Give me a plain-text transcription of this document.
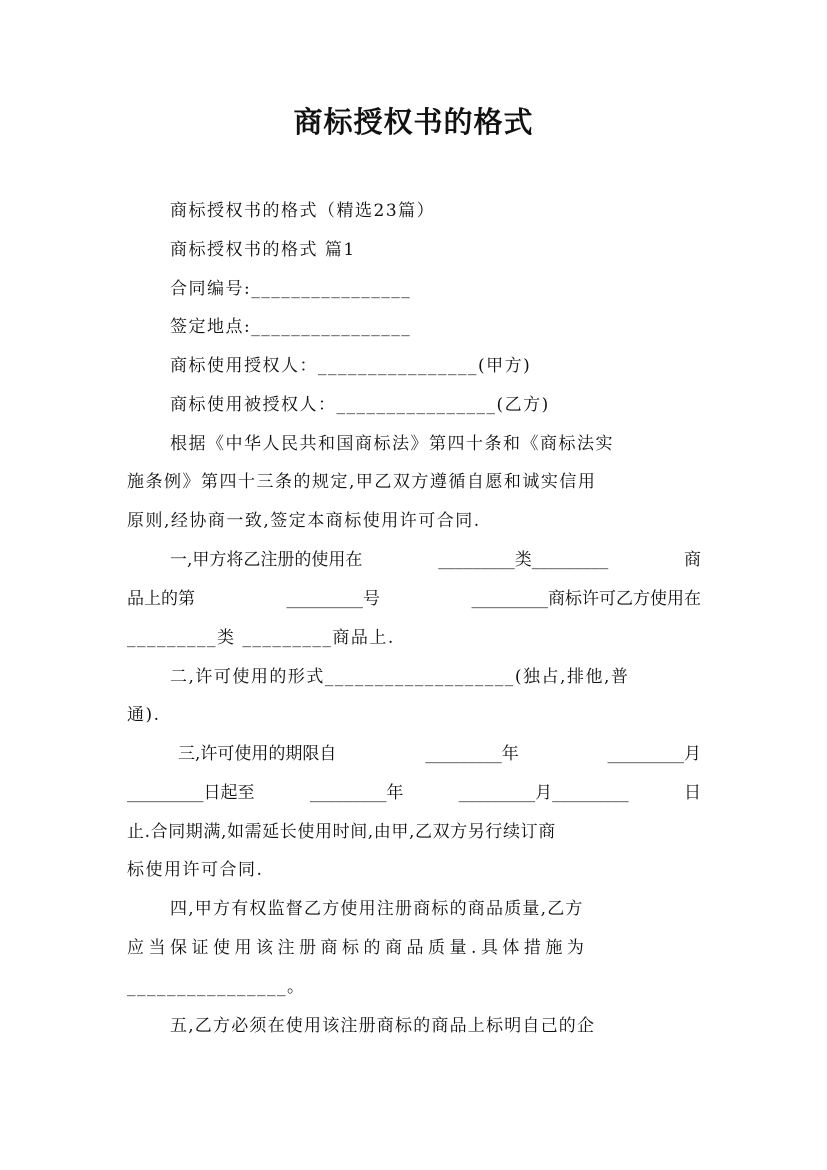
商标授权书的格式
商标授权书的格式（精选23篇）
商标授权书的格式 篇1
合同编号:________________
签定地点:________________
商标使用授权人：________________(甲方)
商标使用被授权人：________________(乙方)
根据《中华人民共和国商标法》第四十条和《商标法实
施条例》第四十三条的规定,甲乙双方遵循自愿和诚实信用
原则,经协商一致,签定本商标使用许可合同.
一,甲方将乙注册的使用在	_________类_________	商
品上的第	_________号	_________商标许可乙方使用在
_________类 _________商品上.
二,许可使用的形式___________________(独占,排他,普
通).
三,许可使用的期限自	_________年	_________月
_________日起至	_________年	_________月_________	日
止.合同期满,如需延长使用时间,由甲,乙双方另行续订商
标使用许可合同.
四,甲方有权监督乙方使用注册商标的商品质量,乙方
应当保证使用该注册商标的商品质量.具体措施为
________________。
五,乙方必须在使用该注册商标的商品上标明自己的企
